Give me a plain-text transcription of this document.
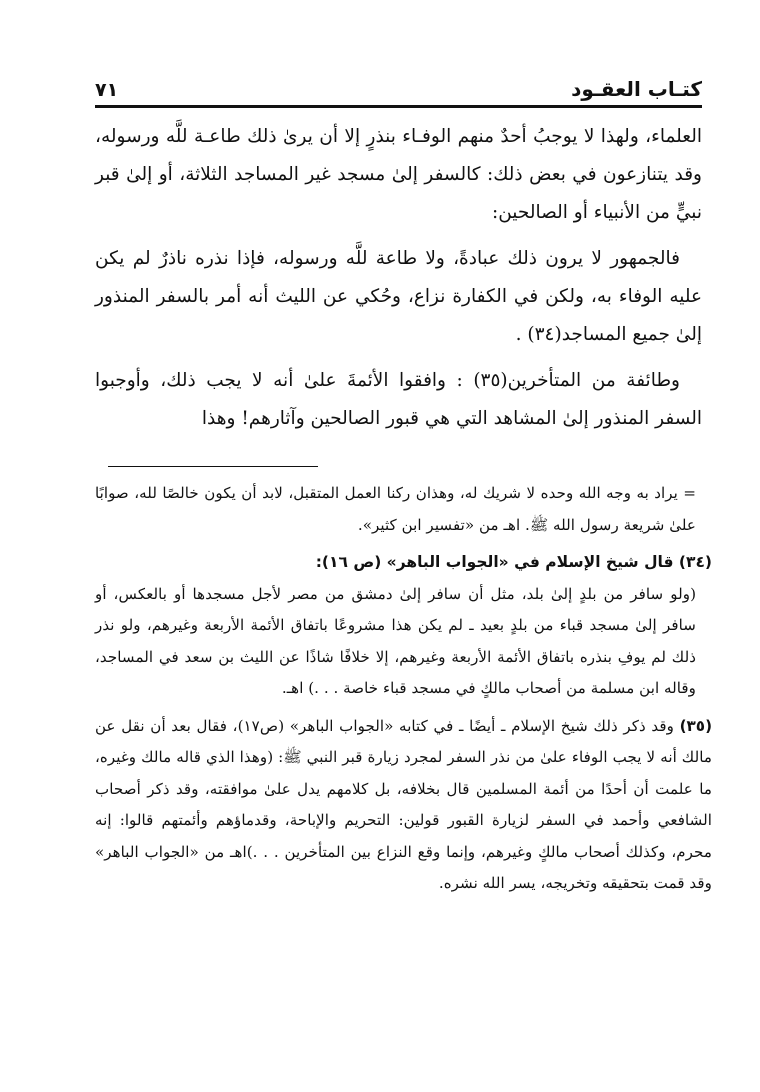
كتـاب العقـود
٧١

العلماء، ولهذا لا يوجبُ أحدٌ منهم الوفـاء بنذرٍ إلا أن يرىٰ ذلك طاعـة للَّه ورسوله، وقد يتنازعون في بعض ذلك: كالسفر إلىٰ مسجد غير المساجد الثلاثة، أو إلىٰ قبر نبيٍّ من الأنبياء أو الصالحين:

فالجمهور لا يرون ذلك عبادةً، ولا طاعة للَّه ورسوله، فإذا نذره ناذرٌ لم يكن عليه الوفاء به، ولكن في الكفارة نزاع، وحُكي عن الليث أنه أمر بالسفر المنذور إلىٰ جميع المساجد(٣٤) .

وطائفة من المتأخرين(٣٥) : وافقوا الأئمةَ علىٰ أنه لا يجب ذلك، وأوجبوا السفر المنذور إلىٰ المشاهد التي هي قبور الصالحين وآثارهم! وهذا

= يراد به وجه الله وحده لا شريك له، وهذان ركنا العمل المتقبل، لابد أن يكون خالصًا لله، صوابًا علىٰ شريعة رسول الله ﷺ. اهـ من «تفسير ابن كثير».
(٣٤) قال شيخ الإسلام في «الجواب الباهر» (ص ١٦):
(ولو سافر من بلدٍ إلىٰ بلد، مثل أن سافر إلىٰ دمشق من مصر لأجل مسجدها أو بالعكس، أو سافر إلىٰ مسجد قباء من بلدٍ بعيد ـ لم يكن هذا مشروعًا باتفاق الأئمة الأربعة وغيرهم، ولو نذر ذلك لم يوفِ بنذره باتفاق الأئمة الأربعة وغيرهم، إلا خلافًا شاذًا عن الليث بن سعد في المساجد، وقاله ابن مسلمة من أصحاب مالكٍ في مسجد قباء خاصة . . .) اهـ.
(٣٥) وقد ذكر ذلك شيخ الإسلام ـ أيضًا ـ في كتابه «الجواب الباهر» (ص١٧)، فقال بعد أن نقل عن مالك أنه لا يجب الوفاء علىٰ من نذر السفر لمجرد زيارة قبر النبي ﷺ: (وهذا الذي قاله مالك وغيره، ما علمت أن أحدًا من أئمة المسلمين قال بخلافه، بل كلامهم يدل علىٰ موافقته، وقد ذكر أصحاب الشافعي وأحمد في السفر لزيارة القبور قولين: التحريم والإباحة، وقدماؤهم وأئمتهم قالوا: إنه محرم، وكذلك أصحاب مالكٍ وغيرهم، وإنما وقع النزاع بين المتأخرين . . .)اهـ من «الجواب الباهر» وقد قمت بتحقيقه وتخريجه، يسر الله نشره.
